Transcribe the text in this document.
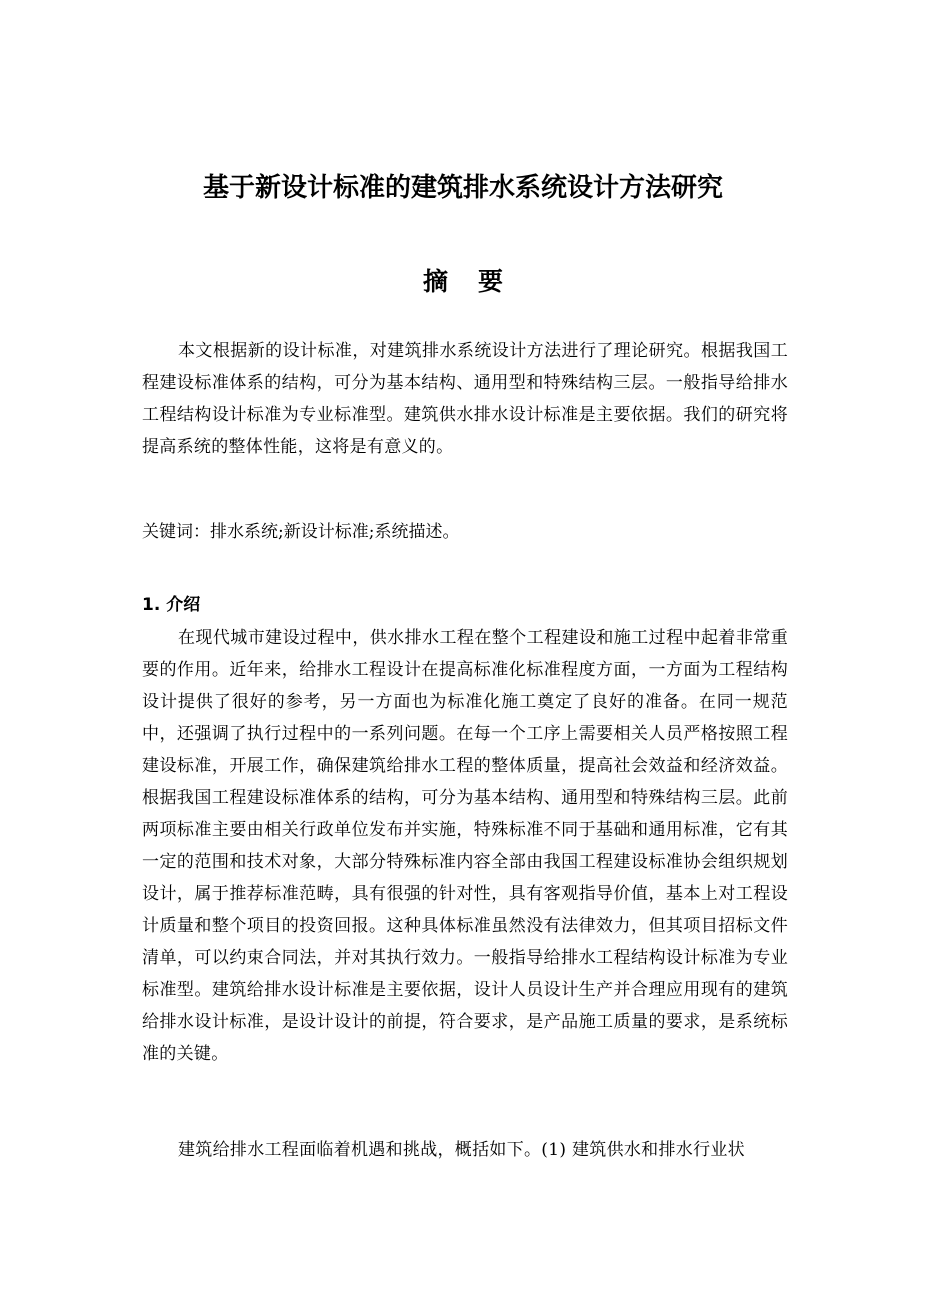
基于新设计标准的建筑排水系统设计方法研究
摘要

本文根据新的设计标准，对建筑排水系统设计方法进行了理论研究。根据我国工程建设标准体系的结构，可分为基本结构、通用型和特殊结构三层。一般指导给排水工程结构设计标准为专业标准型。建筑供水排水设计标准是主要依据。我们的研究将提高系统的整体性能，这将是有意义的。

关键词：排水系统;新设计标准;系统描述。

1. 介绍

在现代城市建设过程中，供水排水工程在整个工程建设和施工过程中起着非常重要的作用。近年来，给排水工程设计在提高标准化标准程度方面，一方面为工程结构设计提供了很好的参考，另一方面也为标准化施工奠定了良好的准备。在同一规范中，还强调了执行过程中的一系列问题。在每一个工序上需要相关人员严格按照工程建设标准，开展工作，确保建筑给排水工程的整体质量，提高社会效益和经济效益。根据我国工程建设标准体系的结构，可分为基本结构、通用型和特殊结构三层。此前两项标准主要由相关行政单位发布并实施，特殊标准不同于基础和通用标准，它有其一定的范围和技术对象，大部分特殊标准内容全部由我国工程建设标准协会组织规划设计，属于推荐标准范畴，具有很强的针对性，具有客观指导价值，基本上对工程设计质量和整个项目的投资回报。这种具体标准虽然没有法律效力，但其项目招标文件清单，可以约束合同法，并对其执行效力。一般指导给排水工程结构设计标准为专业标准型。建筑给排水设计标准是主要依据，设计人员设计生产并合理应用现有的建筑给排水设计标准，是设计设计的前提，符合要求，是产品施工质量的要求，是系统标准的关键。

建筑给排水工程面临着机遇和挑战，概括如下。(1) 建筑供水和排水行业状
